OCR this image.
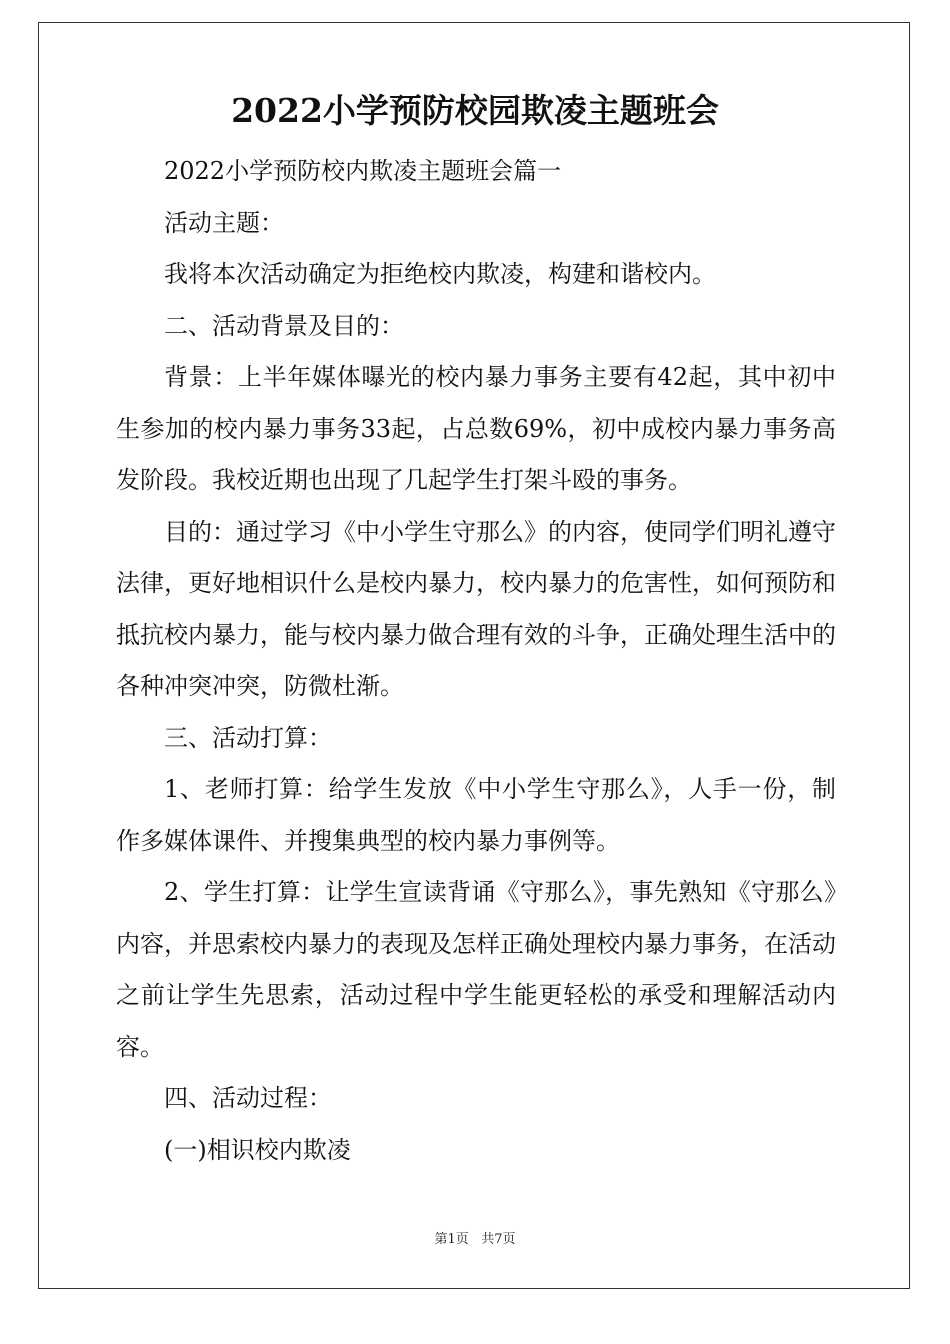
2022小学预防校园欺凌主题班会

2022小学预防校内欺凌主题班会篇一

活动主题：

我将本次活动确定为拒绝校内欺凌，构建和谐校内。

二、活动背景及目的：

背景：上半年媒体曝光的校内暴力事务主要有42起，其中初中生参加的校内暴力事务33起，占总数69%，初中成校内暴力事务高发阶段。我校近期也出现了几起学生打架斗殴的事务。

目的：通过学习《中小学生守那么》的内容，使同学们明礼遵守法律，更好地相识什么是校内暴力，校内暴力的危害性，如何预防和抵抗校内暴力，能与校内暴力做合理有效的斗争，正确处理生活中的各种冲突冲突，防微杜渐。

三、活动打算：

1、老师打算：给学生发放《中小学生守那么》，人手一份，制作多媒体课件、并搜集典型的校内暴力事例等。

2、学生打算：让学生宣读背诵《守那么》，事先熟知《守那么》内容，并思索校内暴力的表现及怎样正确处理校内暴力事务，在活动之前让学生先思索，活动过程中学生能更轻松的承受和理解活动内容。

四、活动过程：

(一)相识校内欺凌

第1页 共7页
